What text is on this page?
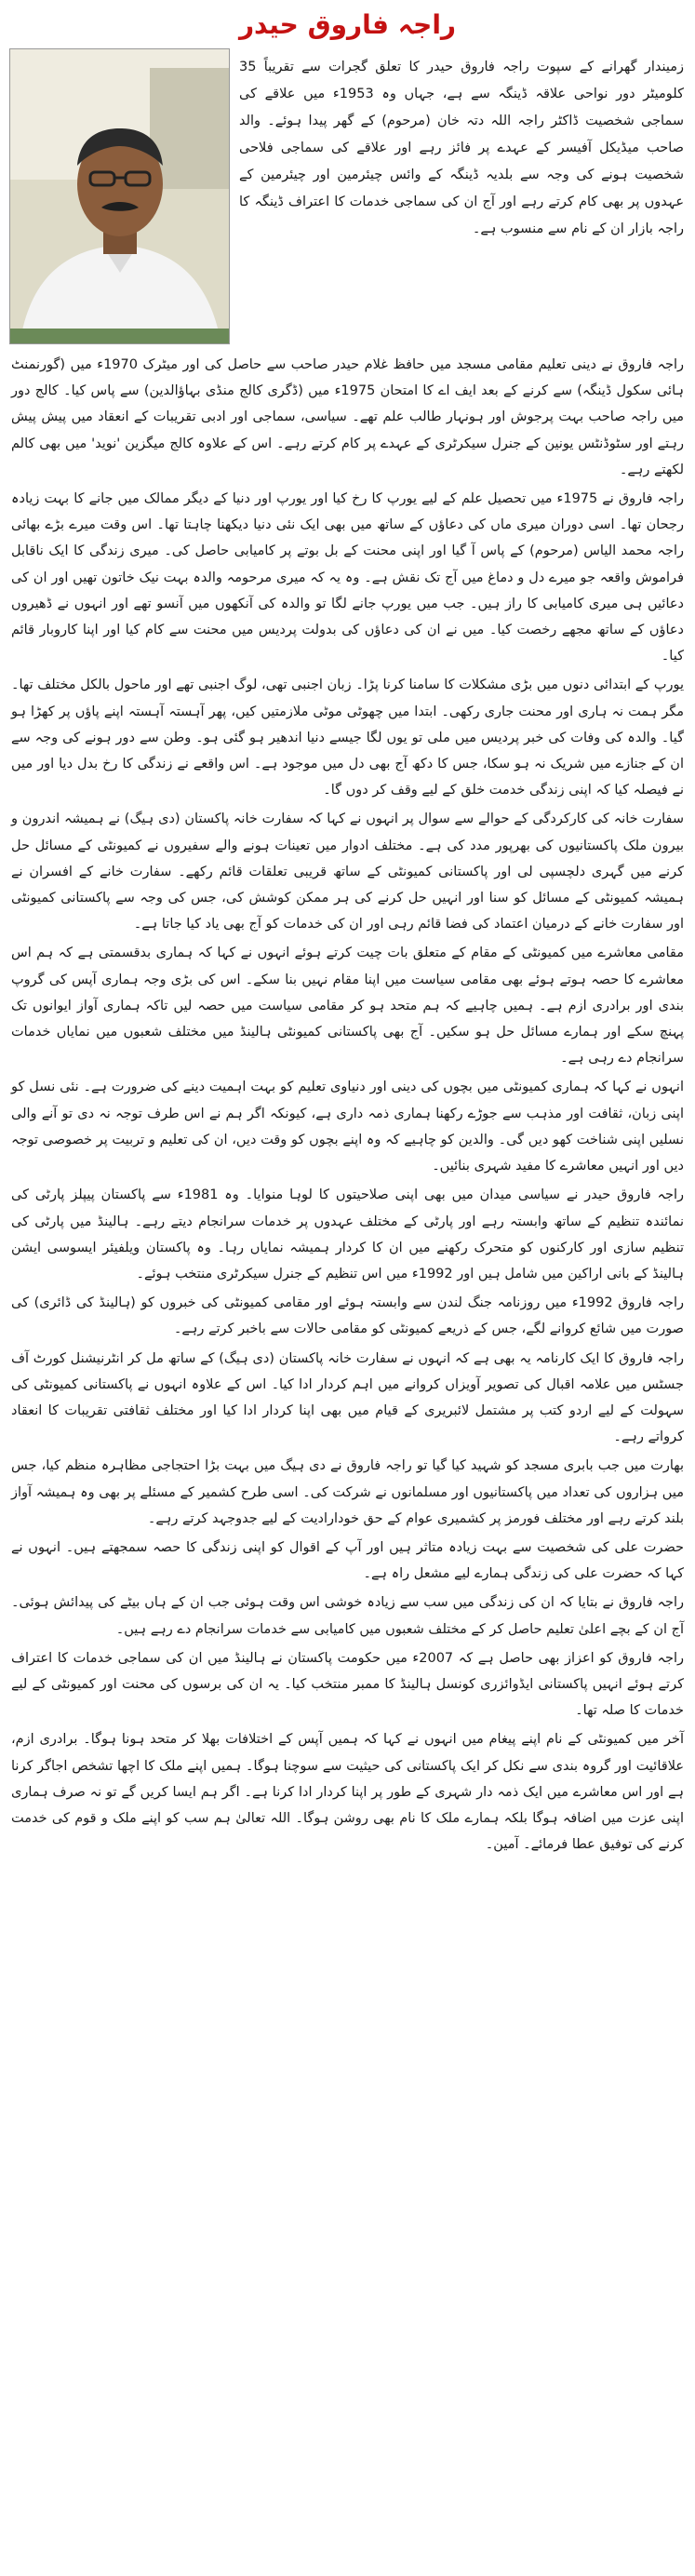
راجہ فاروق حیدر
زمیندار گھرانے کے سپوت راجہ فاروق حیدر کا تعلق گجرات سے تقریباً 35 کلومیٹر دور نواحی علاقہ ڈینگہ سے ہے، جہاں وہ 1953ء میں علاقے کی سماجی شخصیت ڈاکٹر راجہ اللہ دتہ خان (مرحوم) کے گھر پیدا ہوئے۔ والد صاحب میڈیکل آفیسر کے عہدے پر فائز رہے اور علاقے کی سماجی فلاحی شخصیت ہونے کی وجہ سے بلدیہ ڈینگہ کے وائس چیئرمین اور چیئرمین کے عہدوں پر بھی کام کرتے رہے اور آج ان کی سماجی خدمات کا اعتراف ڈینگہ کا راجہ بازار ان کے نام سے منسوب ہے۔

راجہ فاروق نے دینی تعلیم مقامی مسجد میں حافظ غلام حیدر صاحب سے حاصل کی اور میٹرک 1970ء میں (گورنمنٹ ہائی سکول ڈینگہ) سے کرنے کے بعد ایف اے کا امتحان 1975ء میں (ڈگری کالج منڈی بہاؤالدین) سے پاس کیا۔ کالج دور میں راجہ صاحب بہت پرجوش اور ہونہار طالب علم تھے۔ سیاسی، سماجی اور ادبی تقریبات کے انعقاد میں پیش پیش رہتے اور سٹوڈنٹس یونین کے جنرل سیکرٹری کے عہدے پر کام کرتے رہے۔ اس کے علاوہ کالج میگزین 'نوید' میں بھی کالم لکھتے رہے۔

راجہ فاروق نے 1975ء میں تحصیل علم کے لیے یورپ کا رخ کیا اور یورپ اور دنیا کے دیگر ممالک میں جانے کا بہت زیادہ رجحان تھا۔ اسی دوران میری ماں کی دعاؤں کے ساتھ میں بھی ایک نئی دنیا دیکھنا چاہتا تھا۔ اس وقت میرے بڑے بھائی راجہ محمد الیاس (مرحوم) کے پاس آ گیا اور اپنی محنت کے بل بوتے پر کامیابی حاصل کی۔ میری زندگی کا ایک ناقابل فراموش واقعہ جو میرے دل و دماغ میں آج تک نقش ہے۔ وہ یہ کہ میری مرحومہ والدہ بہت نیک خاتون تھیں اور ان کی دعائیں ہی میری کامیابی کا راز ہیں۔ جب میں یورپ جانے لگا تو والدہ کی آنکھوں میں آنسو تھے اور انہوں نے ڈھیروں دعاؤں کے ساتھ مجھے رخصت کیا۔ میں نے ان کی دعاؤں کی بدولت پردیس میں محنت سے کام کیا اور اپنا کاروبار قائم کیا۔

یورپ کے ابتدائی دنوں میں بڑی مشکلات کا سامنا کرنا پڑا۔ زبان اجنبی تھی، لوگ اجنبی تھے اور ماحول بالکل مختلف تھا۔ مگر ہمت نہ ہاری اور محنت جاری رکھی۔ ابتدا میں چھوٹی موٹی ملازمتیں کیں، پھر آہستہ آہستہ اپنے پاؤں پر کھڑا ہو گیا۔ والدہ کی وفات کی خبر پردیس میں ملی تو یوں لگا جیسے دنیا اندھیر ہو گئی ہو۔ وطن سے دور ہونے کی وجہ سے ان کے جنازے میں شریک نہ ہو سکا، جس کا دکھ آج بھی دل میں موجود ہے۔ اس واقعے نے زندگی کا رخ بدل دیا اور میں نے فیصلہ کیا کہ اپنی زندگی خدمت خلق کے لیے وقف کر دوں گا۔

سفارت خانہ کی کارکردگی کے حوالے سے سوال پر انہوں نے کہا کہ سفارت خانہ پاکستان (دی ہیگ) نے ہمیشہ اندرون و بیرون ملک پاکستانیوں کی بھرپور مدد کی ہے۔ مختلف ادوار میں تعینات ہونے والے سفیروں نے کمیونٹی کے مسائل حل کرنے میں گہری دلچسپی لی اور پاکستانی کمیونٹی کے ساتھ قریبی تعلقات قائم رکھے۔ سفارت خانے کے افسران نے ہمیشہ کمیونٹی کے مسائل کو سنا اور انہیں حل کرنے کی ہر ممکن کوشش کی، جس کی وجہ سے پاکستانی کمیونٹی اور سفارت خانے کے درمیان اعتماد کی فضا قائم رہی اور ان کی خدمات کو آج بھی یاد کیا جاتا ہے۔

مقامی معاشرے میں کمیونٹی کے مقام کے متعلق بات چیت کرتے ہوئے انہوں نے کہا کہ ہماری بدقسمتی ہے کہ ہم اس معاشرے کا حصہ ہوتے ہوئے بھی مقامی سیاست میں اپنا مقام نہیں بنا سکے۔ اس کی بڑی وجہ ہماری آپس کی گروپ بندی اور برادری ازم ہے۔ ہمیں چاہیے کہ ہم متحد ہو کر مقامی سیاست میں حصہ لیں تاکہ ہماری آواز ایوانوں تک پہنچ سکے اور ہمارے مسائل حل ہو سکیں۔ آج بھی پاکستانی کمیونٹی ہالینڈ میں مختلف شعبوں میں نمایاں خدمات سرانجام دے رہی ہے۔

انہوں نے کہا کہ ہماری کمیونٹی میں بچوں کی دینی اور دنیاوی تعلیم کو بہت اہمیت دینے کی ضرورت ہے۔ نئی نسل کو اپنی زبان، ثقافت اور مذہب سے جوڑے رکھنا ہماری ذمہ داری ہے، کیونکہ اگر ہم نے اس طرف توجہ نہ دی تو آنے والی نسلیں اپنی شناخت کھو دیں گی۔ والدین کو چاہیے کہ وہ اپنے بچوں کو وقت دیں، ان کی تعلیم و تربیت پر خصوصی توجہ دیں اور انہیں معاشرے کا مفید شہری بنائیں۔

راجہ فاروق حیدر نے سیاسی میدان میں بھی اپنی صلاحیتوں کا لوہا منوایا۔ وہ 1981ء سے پاکستان پیپلز پارٹی کی نمائندہ تنظیم کے ساتھ وابستہ رہے اور پارٹی کے مختلف عہدوں پر خدمات سرانجام دیتے رہے۔ ہالینڈ میں پارٹی کی تنظیم سازی اور کارکنوں کو متحرک رکھنے میں ان کا کردار ہمیشہ نمایاں رہا۔ وہ پاکستان ویلفیئر ایسوسی ایشن ہالینڈ کے بانی اراکین میں شامل ہیں اور 1992ء میں اس تنظیم کے جنرل سیکرٹری منتخب ہوئے۔

راجہ فاروق 1992ء میں روزنامہ جنگ لندن سے وابستہ ہوئے اور مقامی کمیونٹی کی خبروں کو (ہالینڈ کی ڈائری) کی صورت میں شائع کروانے لگے، جس کے ذریعے کمیونٹی کو مقامی حالات سے باخبر کرتے رہے۔

راجہ فاروق کا ایک کارنامہ یہ بھی ہے کہ انہوں نے سفارت خانہ پاکستان (دی ہیگ) کے ساتھ مل کر انٹرنیشنل کورٹ آف جسٹس میں علامہ اقبال کی تصویر آویزاں کروانے میں اہم کردار ادا کیا۔ اس کے علاوہ انہوں نے پاکستانی کمیونٹی کی سہولت کے لیے اردو کتب پر مشتمل لائبریری کے قیام میں بھی اپنا کردار ادا کیا اور مختلف ثقافتی تقریبات کا انعقاد کرواتے رہے۔

بھارت میں جب بابری مسجد کو شہید کیا گیا تو راجہ فاروق نے دی ہیگ میں بہت بڑا احتجاجی مظاہرہ منظم کیا، جس میں ہزاروں کی تعداد میں پاکستانیوں اور مسلمانوں نے شرکت کی۔ اسی طرح کشمیر کے مسئلے پر بھی وہ ہمیشہ آواز بلند کرتے رہے اور مختلف فورمز پر کشمیری عوام کے حق خودارادیت کے لیے جدوجہد کرتے رہے۔

حضرت علی کی شخصیت سے بہت زیادہ متاثر ہیں اور آپ کے اقوال کو اپنی زندگی کا حصہ سمجھتے ہیں۔ انہوں نے کہا کہ حضرت علی کی زندگی ہمارے لیے مشعل راہ ہے۔

راجہ فاروق نے بتایا کہ ان کی زندگی میں سب سے زیادہ خوشی اس وقت ہوئی جب ان کے ہاں بیٹے کی پیدائش ہوئی۔ آج ان کے بچے اعلیٰ تعلیم حاصل کر کے مختلف شعبوں میں کامیابی سے خدمات سرانجام دے رہے ہیں۔

راجہ فاروق کو اعزاز بھی حاصل ہے کہ 2007ء میں حکومت پاکستان نے ہالینڈ میں ان کی سماجی خدمات کا اعتراف کرتے ہوئے انہیں پاکستانی ایڈوائزری کونسل ہالینڈ کا ممبر منتخب کیا۔ یہ ان کی برسوں کی محنت اور کمیونٹی کے لیے خدمات کا صلہ تھا۔

آخر میں کمیونٹی کے نام اپنے پیغام میں انہوں نے کہا کہ ہمیں آپس کے اختلافات بھلا کر متحد ہونا ہوگا۔ برادری ازم، علاقائیت اور گروہ بندی سے نکل کر ایک پاکستانی کی حیثیت سے سوچنا ہوگا۔ ہمیں اپنے ملک کا اچھا تشخص اجاگر کرنا ہے اور اس معاشرے میں ایک ذمہ دار شہری کے طور پر اپنا کردار ادا کرنا ہے۔ اگر ہم ایسا کریں گے تو نہ صرف ہماری اپنی عزت میں اضافہ ہوگا بلکہ ہمارے ملک کا نام بھی روشن ہوگا۔ اللہ تعالیٰ ہم سب کو اپنے ملک و قوم کی خدمت کرنے کی توفیق عطا فرمائے۔ آمین۔
